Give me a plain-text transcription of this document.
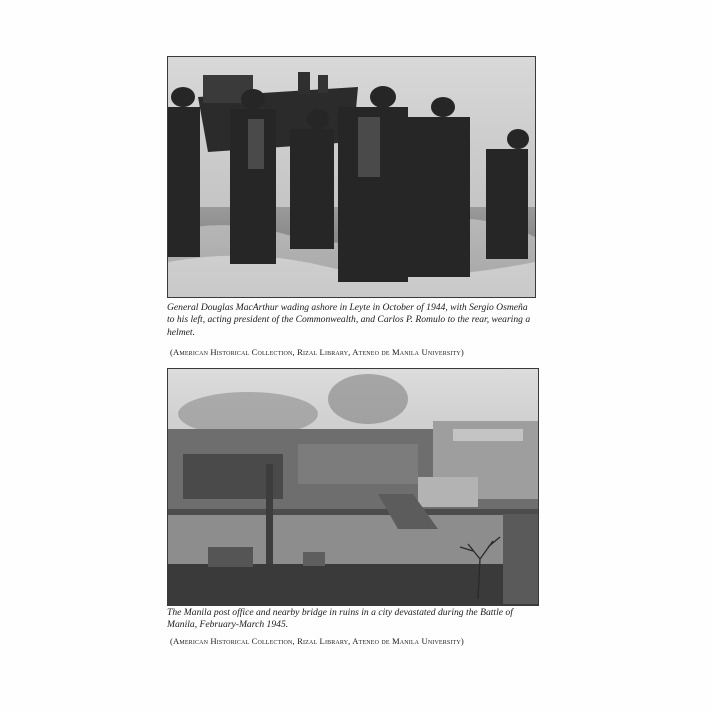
General Douglas MacArthur wading ashore in Leyte in October of 1944, with Sergio Osmeña to his left, acting president of the Commonwealth, and Carlos P. Romulo to the rear, wearing a helmet.
(American Historical Collection, Rizal Library, Ateneo de Manila University)
The Manila post office and nearby bridge in ruins in a city devastated during the Battle of Manila, February-March 1945.
(American Historical Collection, Rizal Library, Ateneo de Manila University)
